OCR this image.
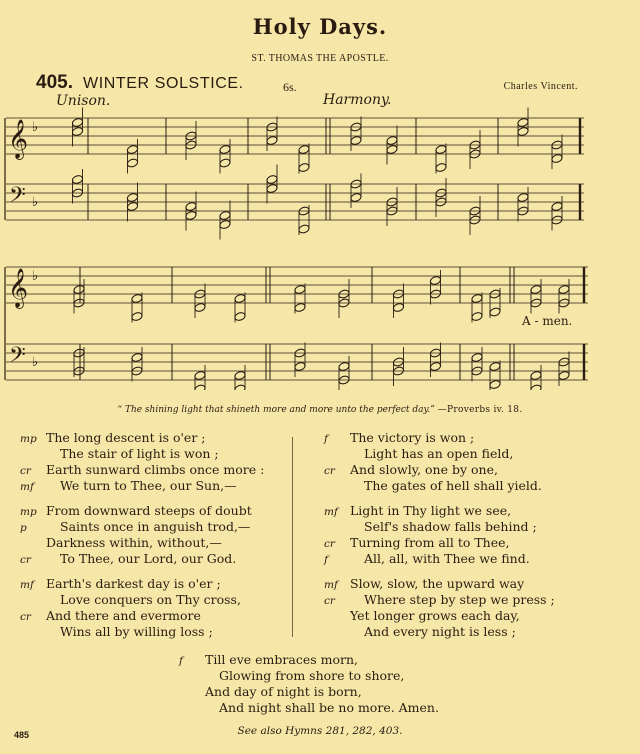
Holy Days.
ST. THOMAS THE APOSTLE.
405. WINTER SOLSTICE.	6s.	Charles Vincent.
Unison.	Harmony.
𝄞 ♭
𝄢 ♭
𝄞 ♭
𝄢 ♭
A - men.
“ The shining light that shineth more and more unto the perfect day.” —Proverbs iv. 18.
mp The long descent is o'er ;
The stair of light is won ;
cr Earth sunward climbs once more :
mf We turn to Thee, our Sun,—
mp From downward steeps of doubt
p	Saints once in anguish trod,—
Darkness within, without,—
cr To Thee, our Lord, our God.
mf Earth's darkest day is o'er ;
Love conquers on Thy cross,
cr And there and evermore
Wins all by willing loss ;
f The victory is won ;
Light has an open field,
cr And slowly, one by one,
The gates of hell shall yield.
mf Light in Thy light we see,
Self's shadow falls behind ;
cr Turning from all to Thee,
f	All, all, with Thee we find.
mf Slow, slow, the upward way
cr Where step by step we press ;
Yet longer grows each day,
And every night is less ;
f Till eve embraces morn,
Glowing from shore to shore,
And day of night is born,
And night shall be no more. Amen.
See also Hymns 281, 282, 403.
485
